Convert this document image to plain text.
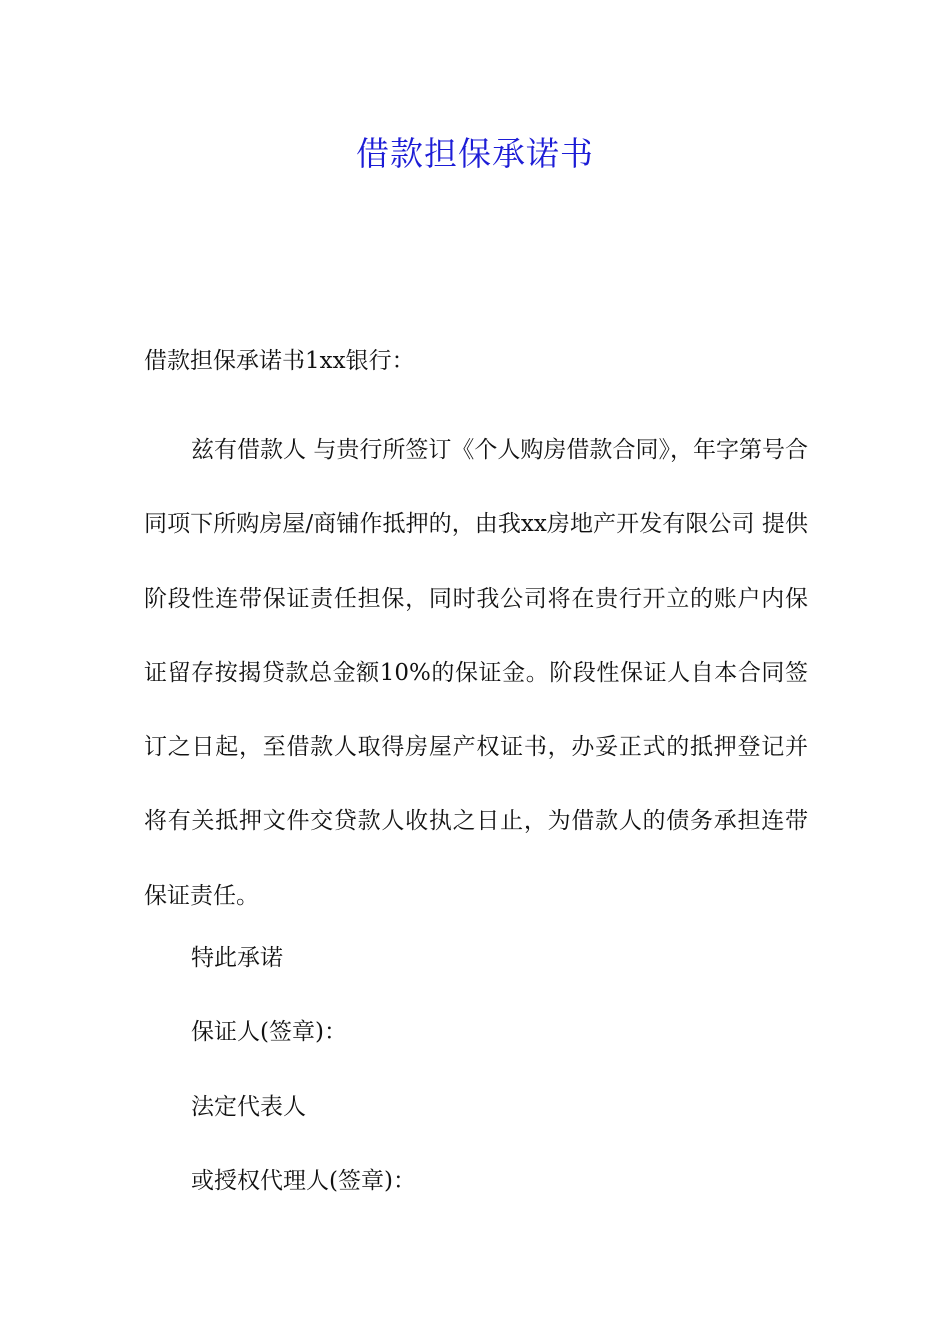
借款担保承诺书

借款担保承诺书1xx银行：

兹有借款人 与贵行所签订《个人购房借款合同》，年字第号合同项下所购房屋/商铺作抵押的，由我xx房地产开发有限公司 提供阶段性连带保证责任担保，同时我公司将在贵行开立的账户内保证留存按揭贷款总金额10%的保证金。阶段性保证人自本合同签订之日起，至借款人取得房屋产权证书，办妥正式的抵押登记并将有关抵押文件交贷款人收执之日止，为借款人的债务承担连带保证责任。

特此承诺

保证人(签章)：

法定代表人

或授权代理人(签章)：
